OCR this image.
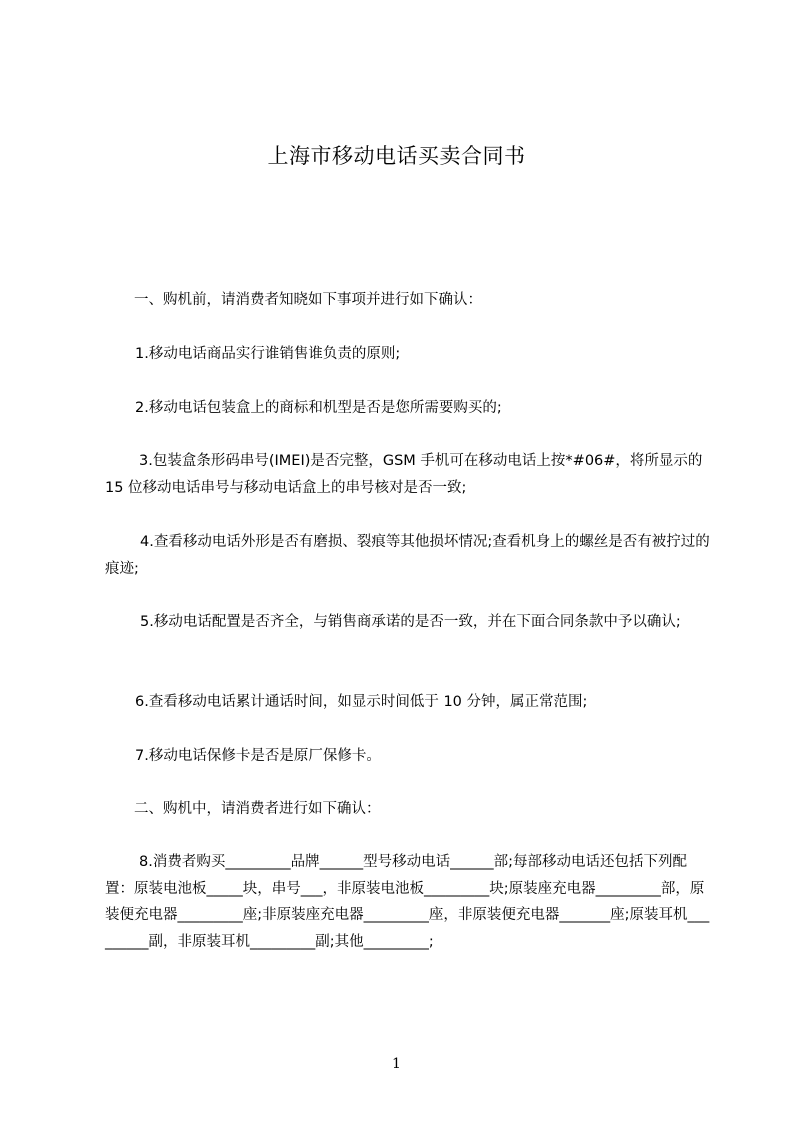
上海市移动电话买卖合同书
一、购机前，请消费者知晓如下事项并进行如下确认：
1.移动电话商品实行谁销售谁负责的原则;
2.移动电话包装盒上的商标和机型是否是您所需要购买的;
3.包装盒条形码串号(IMEI)是否完整，GSM 手机可在移动电话上按*#06#，将所显示的 15 位移动电话串号与移动电话盒上的串号核对是否一致;
4.查看移动电话外形是否有磨损、裂痕等其他损坏情况;查看机身上的螺丝是否有被拧过的痕迹;
5.移动电话配置是否齐全，与销售商承诺的是否一致，并在下面合同条款中予以确认;
6.查看移动电话累计通话时间，如显示时间低于 10 分钟，属正常范围;
7.移动电话保修卡是否是原厂保修卡。
二、购机中，请消费者进行如下确认：
8.消费者购买_________品牌______型号移动电话______部;每部移动电话还包括下列配置：原装电池板_____块，串号___，非原装电池板_________块;原装座充电器_________部，原装便充电器_________座;非原装座充电器_________座，非原装便充电器_______座;原装耳机_________副，非原装耳机_________副;其他_________;
1
